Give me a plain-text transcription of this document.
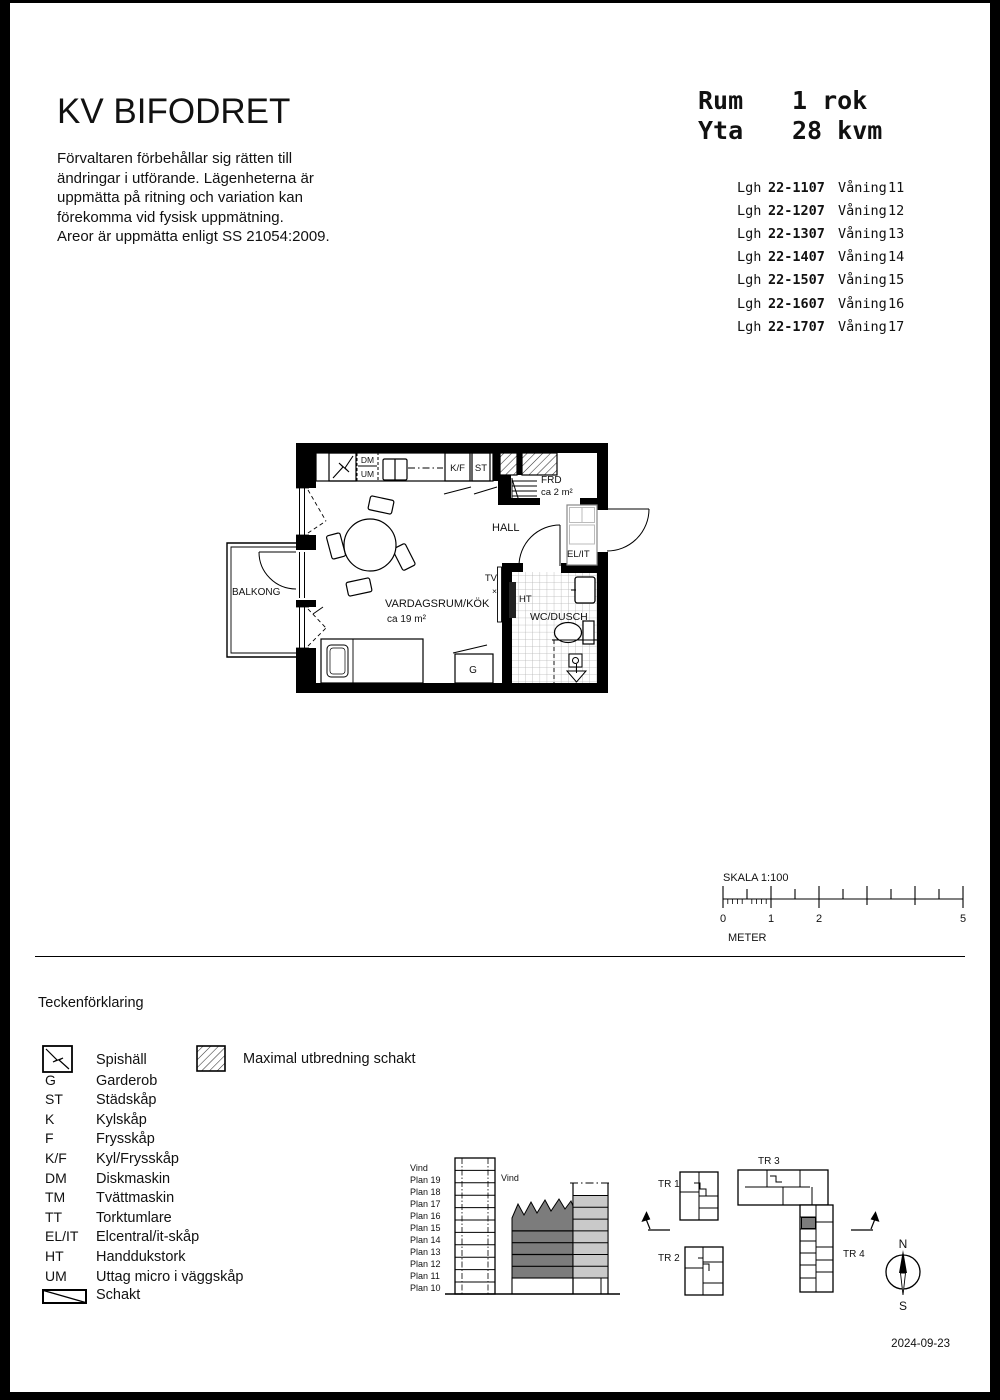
KV BIFODRET
Förvaltaren förbehållar sig rätten till
ändringar i utförande. Lägenheterna är
uppmätta på ritning och variation kan
förekomma vid fysisk uppmätning.
Areor är uppmätta enligt SS 21054:2009.
Rum	1 rok
Yta	28 kvm
Lgh 22-1107 Våning 11
Lgh 22-1207 Våning 12
Lgh 22-1307 Våning 13
Lgh 22-1407 Våning 14
Lgh 22-1507 Våning 15
Lgh 22-1607 Våning 16
Lgh 22-1707 Våning 17
BALKONG
K/F ST
DM
UM
FRD
ca 2 m²
HALL
EL/IT
HT
WC/DUSCH
TV
×
G
VARDAGSRUM/KÖK
ca 19 m²
SKALA 1:100
0	1	2	5
METER
Teckenförklaring
Maximal utbredning schakt
Spishäll
G	Garderob
ST	Städskåp
K	Kylskåp
F	Frysskåp
K/F	Kyl/Frysskåp
DM	Diskmaskin
TM	Tvättmaskin
TT	Torktumlare
EL/IT	Elcentral/it-skåp
HT	Handdukstork
UM	Uttag micro i väggskåp
Schakt
Vind
Plan 19
Plan 18
Plan 17
Plan 16
Plan 15
Plan 14
Plan 13
Plan 12
Plan 11
Plan 10
Vind
TR 1
TR 2
TR 3
TR 4
N
S
2024-09-23
